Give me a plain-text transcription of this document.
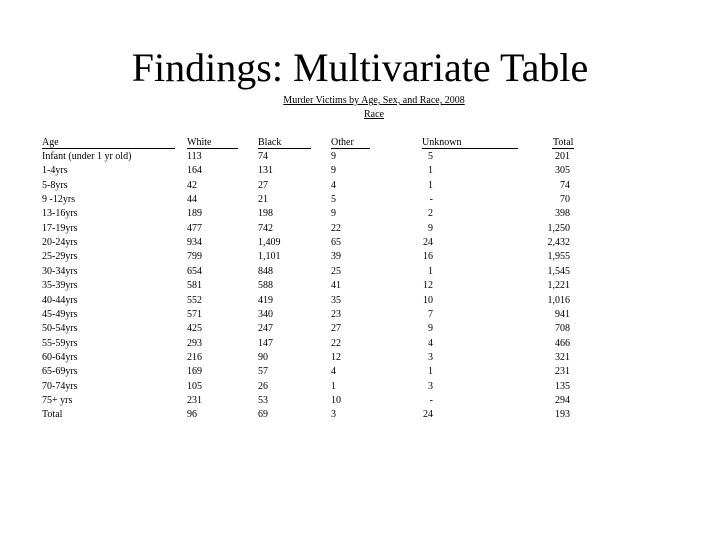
Findings: Multivariate Table
Murder Victims by Age, Sex, and Race, 2008
Race
Age	White	Black	Other	Unknown	Total
Infant (under 1 yr old)	113	74	9	5	201
1-4yrs	164	131	9	1	305
5-8yrs	42	27	4	1	74
9 -12yrs	44	21	5	-	70
13-16yrs	189	198	9	2	398
17-19yrs	477	742	22	9	1,250
20-24yrs	934	1,409	65	24	2,432
25-29yrs	799	1,101	39	16	1,955
30-34yrs	654	848	25	1	1,545
35-39yrs	581	588	41	12	1,221
40-44yrs	552	419	35	10	1,016
45-49yrs	571	340	23	7	941
50-54yrs	425	247	27	9	708
55-59yrs	293	147	22	4	466
60-64yrs	216	90	12	3	321
65-69yrs	169	57	4	1	231
70-74yrs	105	26	1	3	135
75+ yrs	231	53	10	-	294
Total	96	69	3	24	193
